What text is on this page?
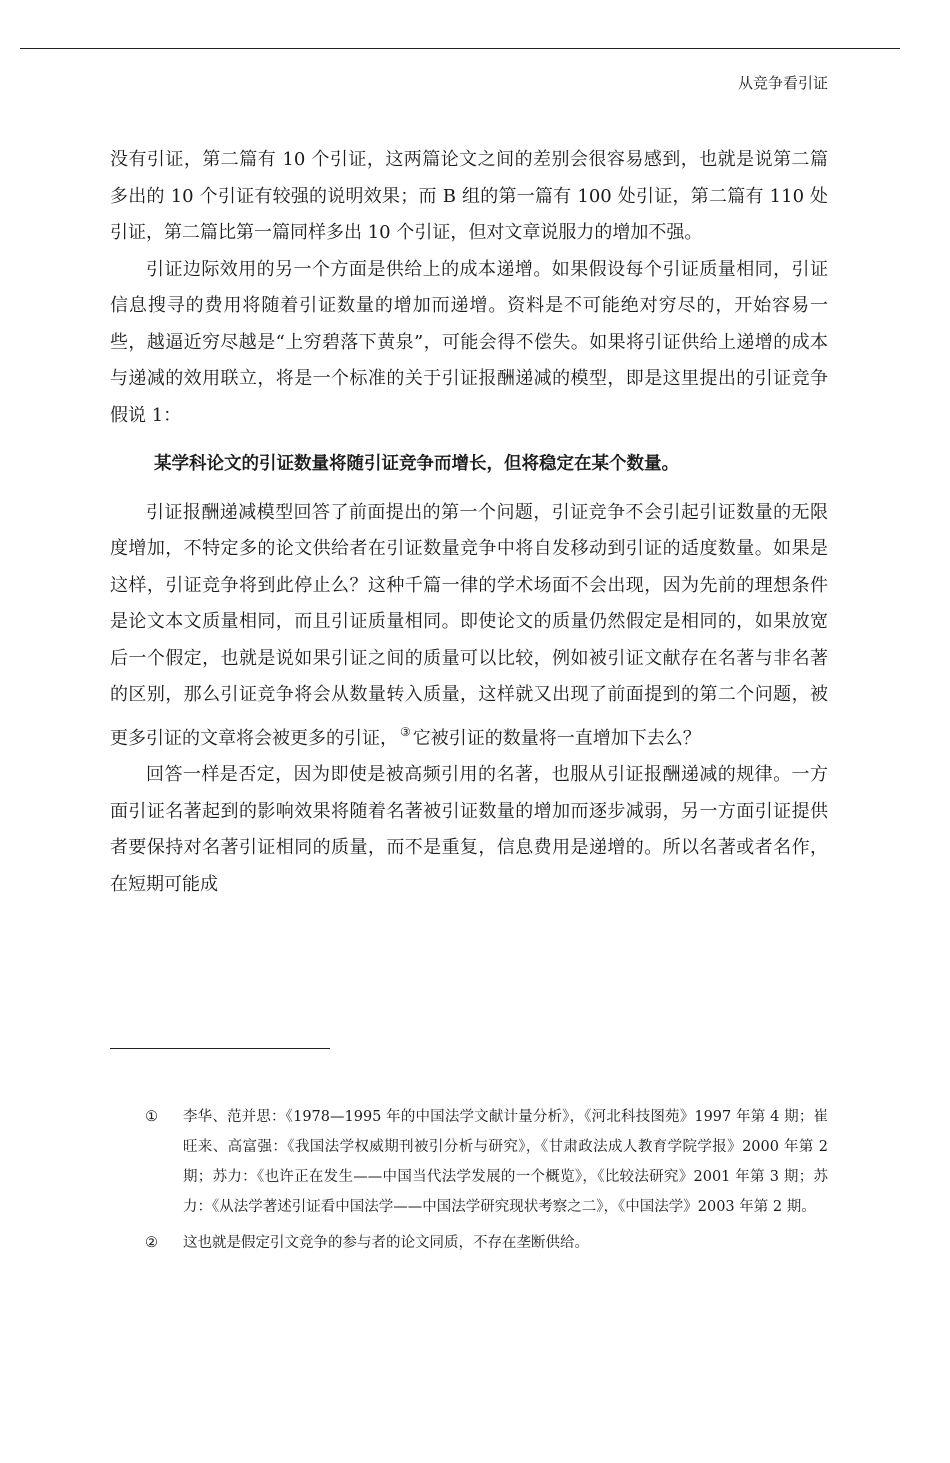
从竞争看引证

没有引证，第二篇有 10 个引证，这两篇论文之间的差别会很容易感到，也就是说第二篇多出的 10 个引证有较强的说明效果；而 B 组的第一篇有 100 处引证，第二篇有 110 处引证，第二篇比第一篇同样多出 10 个引证，但对文章说服力的增加不强。

引证边际效用的另一个方面是供给上的成本递增。如果假设每个引证质量相同，引证信息搜寻的费用将随着引证数量的增加而递增。资料是不可能绝对穷尽的，开始容易一些，越逼近穷尽越是“上穷碧落下黄泉”，可能会得不偿失。如果将引证供给上递增的成本与递减的效用联立，将是一个标准的关于引证报酬递减的模型，即是这里提出的引证竞争假说 1：

某学科论文的引证数量将随引证竞争而增长，但将稳定在某个数量。

引证报酬递减模型回答了前面提出的第一个问题，引证竞争不会引起引证数量的无限度增加，不特定多的论文供给者在引证数量竞争中将自发移动到引证的适度数量。如果是这样，引证竞争将到此停止么？这种千篇一律的学术场面不会出现，因为先前的理想条件是论文本文质量相同，而且引证质量相同。即使论文的质量仍然假定是相同的，如果放宽后一个假定，也就是说如果引证之间的质量可以比较，例如被引证文献存在名著与非名著的区别，那么引证竞争将会从数量转入质量，这样就又出现了前面提到的第二个问题，被更多引证的文章将会被更多的引证， ③ 它被引证的数量将一直增加下去么？

回答一样是否定，因为即使是被高频引用的名著，也服从引证报酬递减的规律。一方面引证名著起到的影响效果将随着名著被引证数量的增加而逐步减弱，另一方面引证提供者要保持对名著引证相同的质量，而不是重复，信息费用是递增的。所以名著或者名作，在短期可能成

①	李华、范并思：《1978—1995 年的中国法学文献计量分析》，《河北科技图苑》1997 年第 4 期；崔旺来、高富强：《我国法学权威期刊被引分析与研究》，《甘肃政法成人教育学院学报》2000 年第 2 期；苏力：《也许正在发生——中国当代法学发展的一个概览》，《比较法研究》2001 年第 3 期；苏力：《从法学著述引证看中国法学——中国法学研究现状考察之二》，《中国法学》2003 年第 2 期。
②	这也就是假定引文竞争的参与者的论文同质，不存在垄断供给。
